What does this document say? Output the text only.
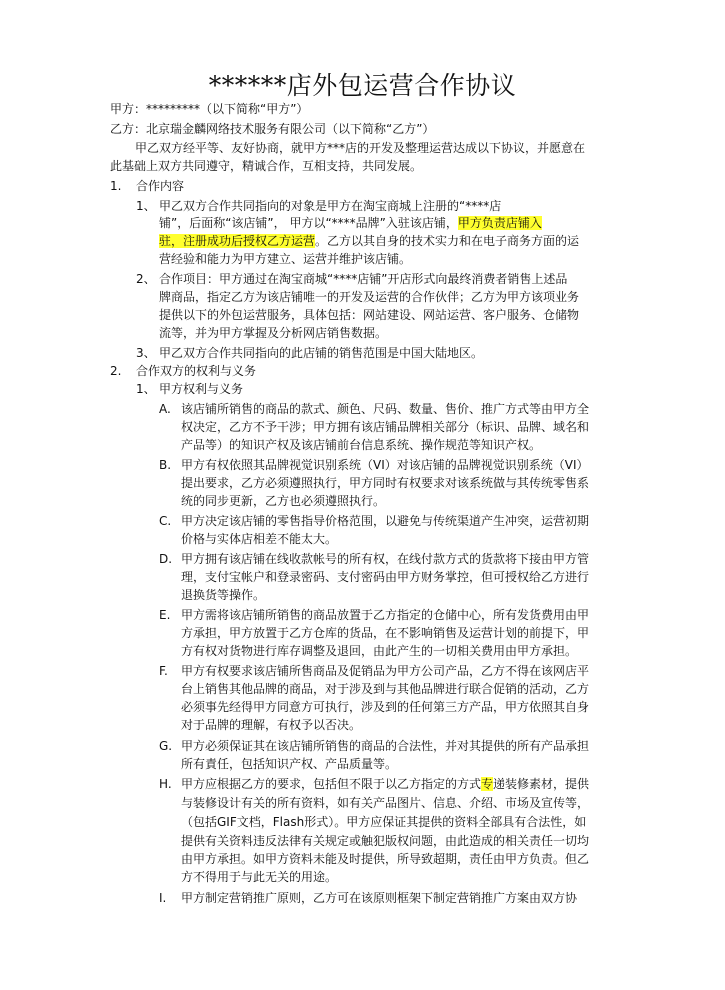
******店外包运营合作协议
甲方：*********（以下简称“甲方”）
乙方：北京瑞金麟网络技术服务有限公司（以下简称“乙方”）
甲乙双方经平等、友好协商，就甲方***店的开发及整理运营达成以下协议，并愿意在
此基础上双方共同遵守，精诚合作，互相支持，共同发展。
1. 合作内容
1、 甲乙双方合作共同指向的对象是甲方在淘宝商城上注册的“****店
铺”，后面称“该店铺”， 甲方以“****品牌”入驻该店铺，甲方负责店铺入
驻，注册成功后授权乙方运营。乙方以其自身的技术实力和在电子商务方面的运
营经验和能力为甲方建立、运营并维护该店铺。
2、 合作项目：甲方通过在淘宝商城“****店铺”开店形式向最终消费者销售上述品
牌商品，指定乙方为该店铺唯一的开发及运营的合作伙伴；乙方为甲方该项业务
提供以下的外包运营服务，具体包括：网站建设、网站运营、客户服务、仓储物
流等，并为甲方掌握及分析网店销售数据。
3、 甲乙双方合作共同指向的此店铺的销售范围是中国大陆地区。
2. 合作双方的权利与义务
1、 甲方权利与义务
A. 该店铺所销售的商品的款式、颜色、尺码、数量、售价、推广方式等由甲方全
权决定，乙方不予干涉；甲方拥有该店铺品牌相关部分（标识、品牌、域名和
产品等）的知识产权及该店铺前台信息系统、操作规范等知识产权。
B. 甲方有权依照其品牌视觉识别系统（VI）对该店铺的品牌视觉识别系统（VI）
提出要求，乙方必须遵照执行，甲方同时有权要求对该系统做与其传统零售系
统的同步更新，乙方也必须遵照执行。
C. 甲方决定该店铺的零售指导价格范围，以避免与传统渠道产生冲突，运营初期
价格与实体店相差不能太大。
D. 甲方拥有该店铺在线收款帐号的所有权，在线付款方式的货款将下接由甲方管
理，支付宝帐户和登录密码、支付密码由甲方财务掌控，但可授权给乙方进行
退换货等操作。
E. 甲方需将该店铺所销售的商品放置于乙方指定的仓储中心，所有发货费用由甲
方承担，甲方放置于乙方仓库的货品，在不影响销售及运营计划的前提下，甲
方有权对货物进行库存调整及退回，由此产生的一切相关费用由甲方承担。
F. 甲方有权要求该店铺所售商品及促销品为甲方公司产品，乙方不得在该网店平
台上销售其他品牌的商品，对于涉及到与其他品牌进行联合促销的活动，乙方
必须事先经得甲方同意方可执行，涉及到的任何第三方产品，甲方依照其自身
对于品牌的理解，有权予以否决。
G. 甲方必须保证其在该店铺所销售的商品的合法性，并对其提供的所有产品承担
所有責任，包括知识产权、产品质量等。
H. 甲方应根据乙方的要求，包括但不限于以乙方指定的方式专递装修素材，提供
与装修设计有关的所有资料，如有关产品图片、信息、介绍、市场及宣传等，
（包括GIF文档，Flash形式）。甲方应保证其提供的资料全部具有合法性，如
提供有关资料违反法律有关规定或触犯版权问题，由此造成的相关责任一切均
由甲方承担。如甲方资料未能及时提供，所导致超期，责任由甲方负责。但乙
方不得用于与此无关的用途。
I. 甲方制定营销推广原则，乙方可在该原则框架下制定营销推广方案由双方协
